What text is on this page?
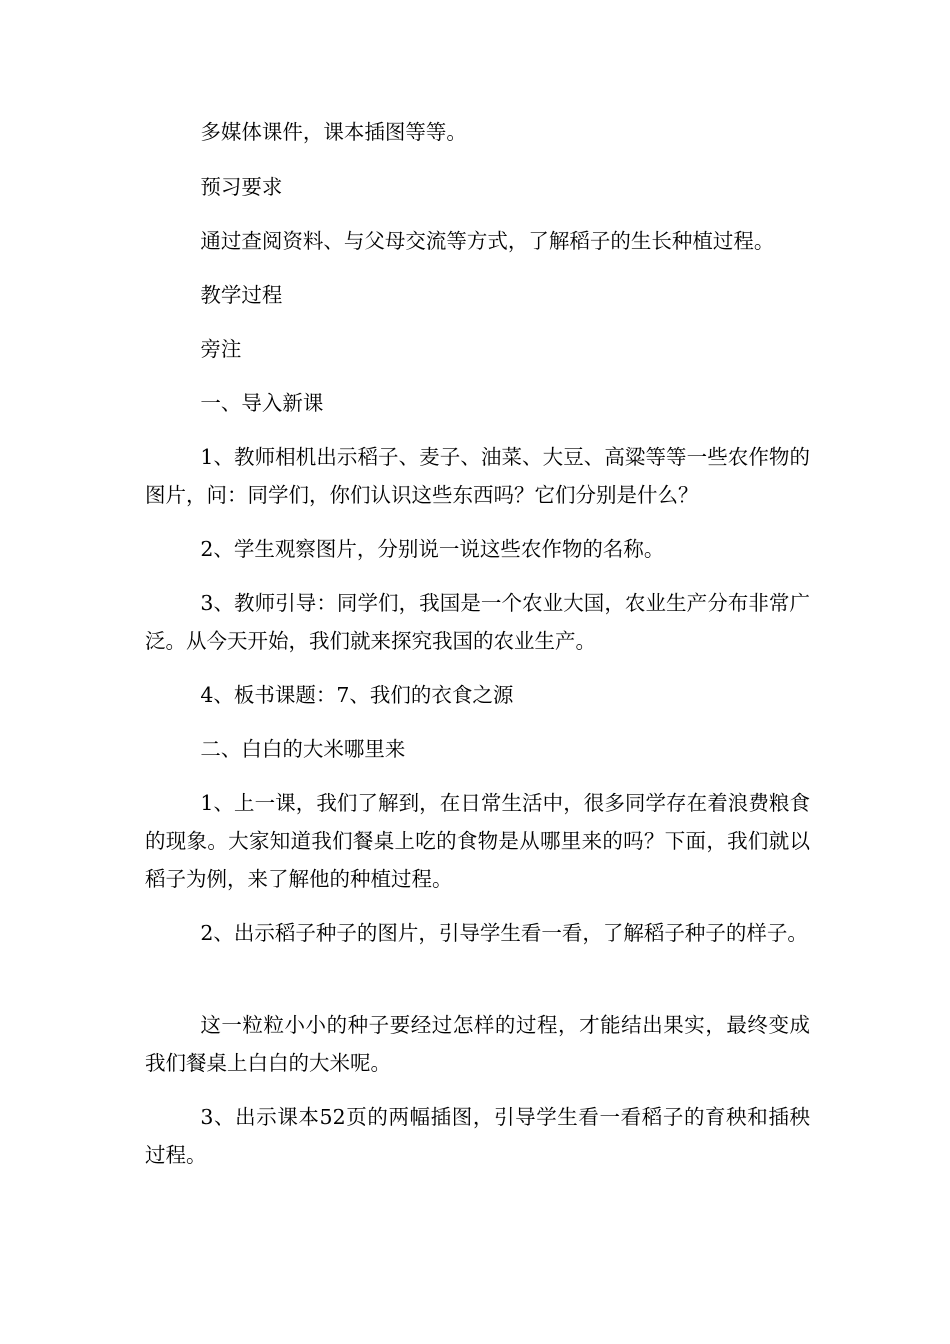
多媒体课件，课本插图等等。

预习要求

通过查阅资料、与父母交流等方式，了解稻子的生长种植过程。

教学过程

旁注

一、导入新课

1、教师相机出示稻子、麦子、油菜、大豆、高粱等等一些农作物的图片，问：同学们，你们认识这些东西吗？它们分别是什么？

2、学生观察图片，分别说一说这些农作物的名称。

3、教师引导：同学们，我国是一个农业大国，农业生产分布非常广泛。从今天开始，我们就来探究我国的农业生产。

4、板书课题：7、我们的衣食之源

二、白白的大米哪里来

1、上一课，我们了解到，在日常生活中，很多同学存在着浪费粮食的现象。大家知道我们餐桌上吃的食物是从哪里来的吗？下面，我们就以稻子为例，来了解他的种植过程。

2、出示稻子种子的图片，引导学生看一看，了解稻子种子的样子。

这一粒粒小小的种子要经过怎样的过程，才能结出果实，最终变成我们餐桌上白白的大米呢。

3、出示课本52页的两幅插图，引导学生看一看稻子的育秧和插秧过程。
